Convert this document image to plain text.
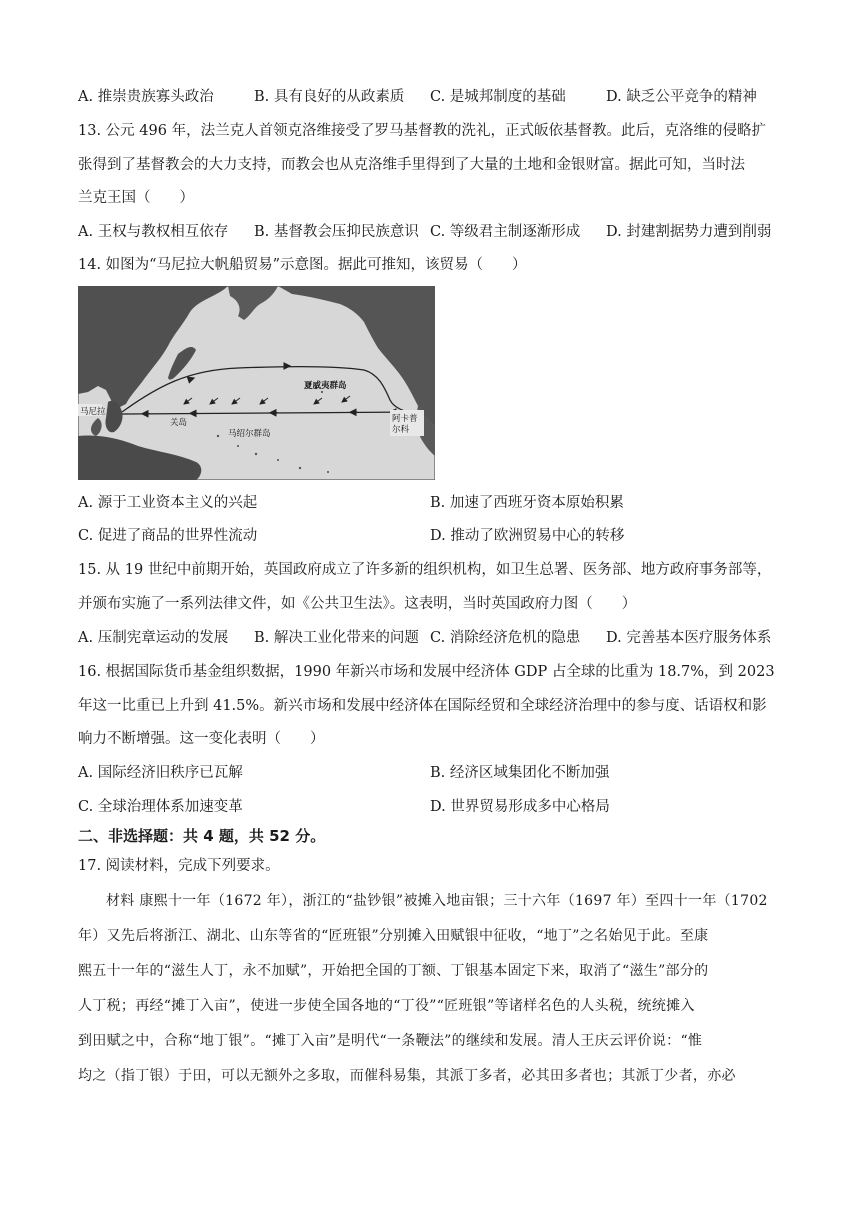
A. 推崇贵族寡头政治	B. 具有良好的从政素质 C. 是城邦制度的基础	D. 缺乏公平竞争的精神
13. 公元 496 年，法兰克人首领克洛维接受了罗马基督教的洗礼，正式皈依基督教。此后，克洛维的侵略扩
张得到了基督教会的大力支持，而教会也从克洛维手里得到了大量的土地和金银财富。据此可知，当时法
兰克王国（　　）
A. 王权与教权相互依存 B. 基督教会压抑民族意识 C. 等级君主制逐渐形成 D. 封建割据势力遭到削弱
14. 如图为“马尼拉大帆船贸易”示意图。据此可推知，该贸易（　　）
马尼拉
关岛
夏威夷群岛
马绍尔群岛
阿卡普
尔科
A. 源于工业资本主义的兴起	B. 加速了西班牙资本原始积累
C. 促进了商品的世界性流动	D. 推动了欧洲贸易中心的转移
15. 从 19 世纪中前期开始，英国政府成立了许多新的组织机构，如卫生总署、医务部、地方政府事务部等，
并颁布实施了一系列法律文件，如《公共卫生法》。这表明，当时英国政府力图（　　）
A. 压制宪章运动的发展 B. 解决工业化带来的问题 C. 消除经济危机的隐患 D. 完善基本医疗服务体系
16. 根据国际货币基金组织数据，1990 年新兴市场和发展中经济体 GDP 占全球的比重为 18.7%，到 2023
年这一比重已上升到 41.5%。新兴市场和发展中经济体在国际经贸和全球经济治理中的参与度、话语权和影
响力不断增强。这一变化表明（　　）
A. 国际经济旧秩序已瓦解	B. 经济区域集团化不断加强
C. 全球治理体系加速变革	D. 世界贸易形成多中心格局
二、非选择题：共 4 题，共 52 分。
17. 阅读材料，完成下列要求。
材料 康熙十一年（1672 年），浙江的“盐钞银”被摊入地亩银；三十六年（1697 年）至四十一年（1702
年）又先后将浙江、湖北、山东等省的“匠班银”分别摊入田赋银中征收，“地丁”之名始见于此。至康
熙五十一年的“滋生人丁，永不加赋”，开始把全国的丁额、丁银基本固定下来，取消了“滋生”部分的
人丁税；再经“摊丁入亩”，使进一步使全国各地的“丁役”“匠班银”等诸样名色的人头税，统统摊入
到田赋之中，合称“地丁银”。“摊丁入亩”是明代“一条鞭法”的继续和发展。清人王庆云评价说：“惟
均之（指丁银）于田，可以无额外之多取，而催科易集，其派丁多者，必其田多者也；其派丁少者，亦必
